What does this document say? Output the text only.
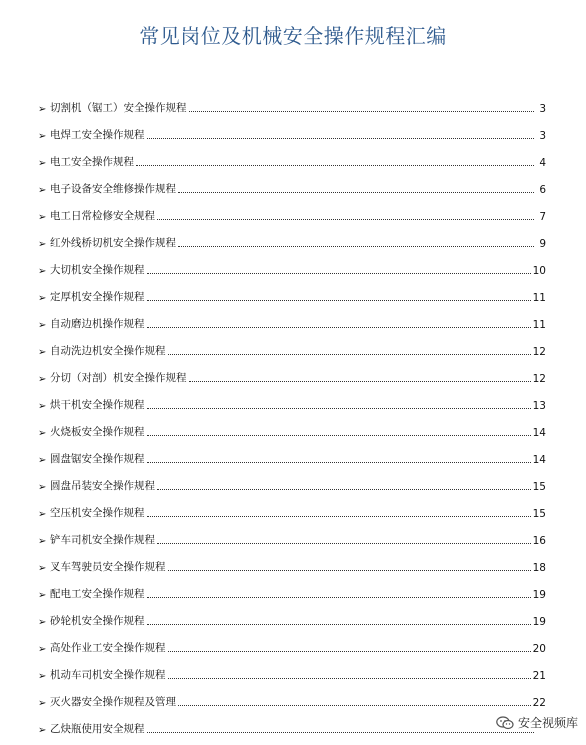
常见岗位及机械安全操作规程汇编
➢ 切割机（锯工）安全操作规程	3
➢ 电焊工安全操作规程	3
➢ 电工安全操作规程	4
➢ 电子设备安全维修操作规程	6
➢ 电工日常检修安全规程	7
➢ 红外线桥切机安全操作规程	9
➢ 大切机安全操作规程	10
➢ 定厚机安全操作规程	11
➢ 自动磨边机操作规程	11
➢ 自动洗边机安全操作规程	12
➢ 分切（对剖）机安全操作规程	12
➢ 烘干机安全操作规程	13
➢ 火烧板安全操作规程	14
➢ 圆盘锯安全操作规程	14
➢ 圆盘吊装安全操作规程	15
➢ 空压机安全操作规程	15
➢ 铲车司机安全操作规程	16
➢ 叉车驾驶员安全操作规程	18
➢ 配电工安全操作规程	19
➢ 砂轮机安全操作规程	19
➢ 高处作业工安全操作规程	20
➢ 机动车司机安全操作规程	21
➢ 灭火器安全操作规程及管理	22
➢ 乙炔瓶使用安全规程	安全视频库
